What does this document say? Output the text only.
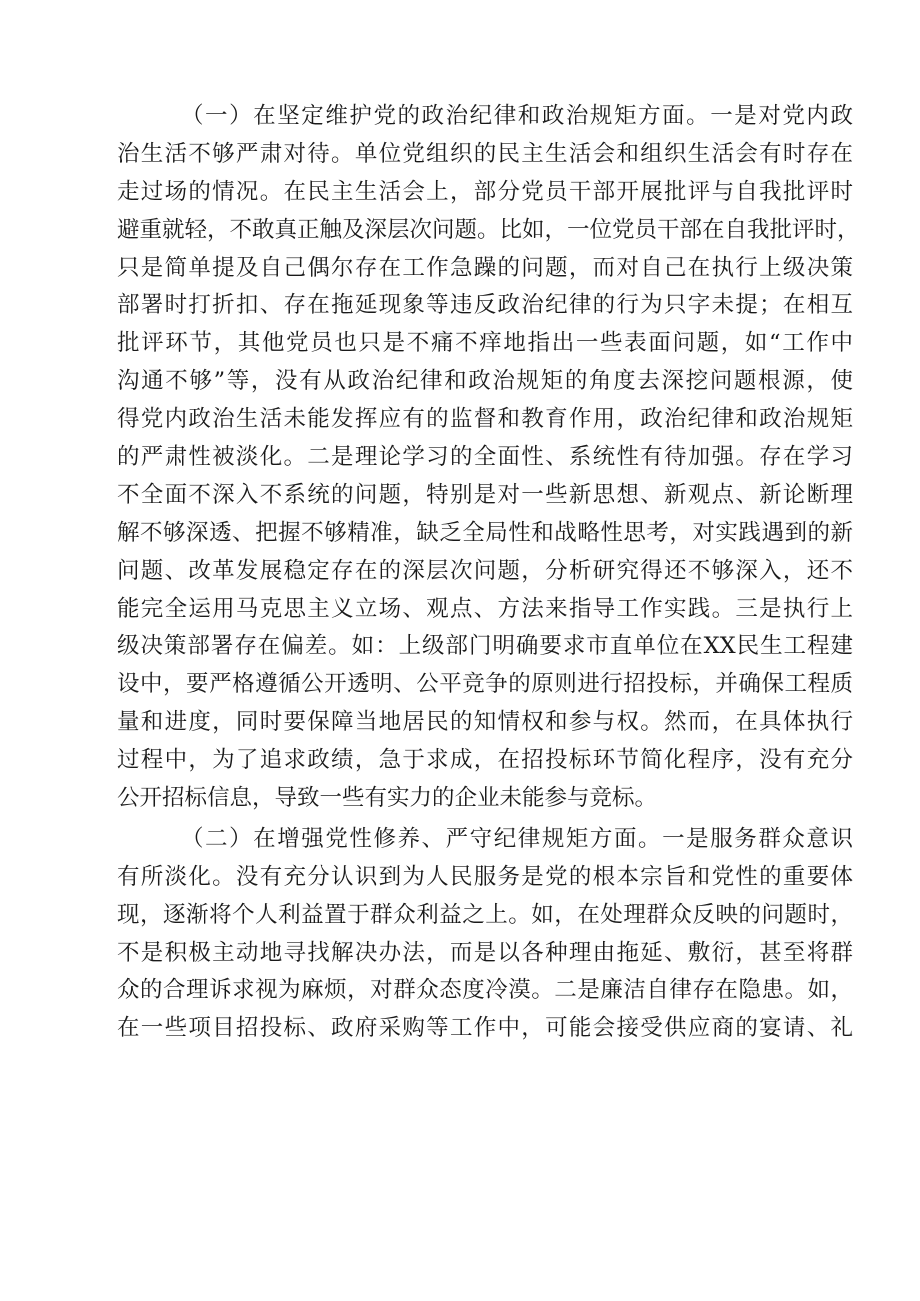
（一）在坚定维护党的政治纪律和政治规矩方面。一是对党内政
治生活不够严肃对待。单位党组织的民主生活会和组织生活会有时存在
走过场的情况。在民主生活会上，部分党员干部开展批评与自我批评时
避重就轻，不敢真正触及深层次问题。比如，一位党员干部在自我批评时，
只是简单提及自己偶尔存在工作急躁的问题，而对自己在执行上级决策
部署时打折扣、存在拖延现象等违反政治纪律的行为只字未提；在相互
批评环节，其他党员也只是不痛不痒地指出一些表面问题，如“工作中
沟通不够”等，没有从政治纪律和政治规矩的角度去深挖问题根源，使
得党内政治生活未能发挥应有的监督和教育作用，政治纪律和政治规矩
的严肃性被淡化。二是理论学习的全面性、系统性有待加强。存在学习
不全面不深入不系统的问题，特别是对一些新思想、新观点、新论断理
解不够深透、把握不够精准，缺乏全局性和战略性思考，对实践遇到的新
问题、改革发展稳定存在的深层次问题，分析研究得还不够深入，还不
能完全运用马克思主义立场、观点、方法来指导工作实践。三是执行上
级决策部署存在偏差。如：上级部门明确要求市直单位在XX民生工程建
设中，要严格遵循公开透明、公平竞争的原则进行招投标，并确保工程质
量和进度，同时要保障当地居民的知情权和参与权。然而，在具体执行
过程中，为了追求政绩，急于求成，在招投标环节简化程序，没有充分
公开招标信息，导致一些有实力的企业未能参与竞标。
（二）在增强党性修养、严守纪律规矩方面。一是服务群众意识
有所淡化。没有充分认识到为人民服务是党的根本宗旨和党性的重要体
现，逐渐将个人利益置于群众利益之上。如，在处理群众反映的问题时，
不是积极主动地寻找解决办法，而是以各种理由拖延、敷衍，甚至将群
众的合理诉求视为麻烦，对群众态度冷漠。二是廉洁自律存在隐患。如，
在一些项目招投标、政府采购等工作中，可能会接受供应商的宴请、礼
